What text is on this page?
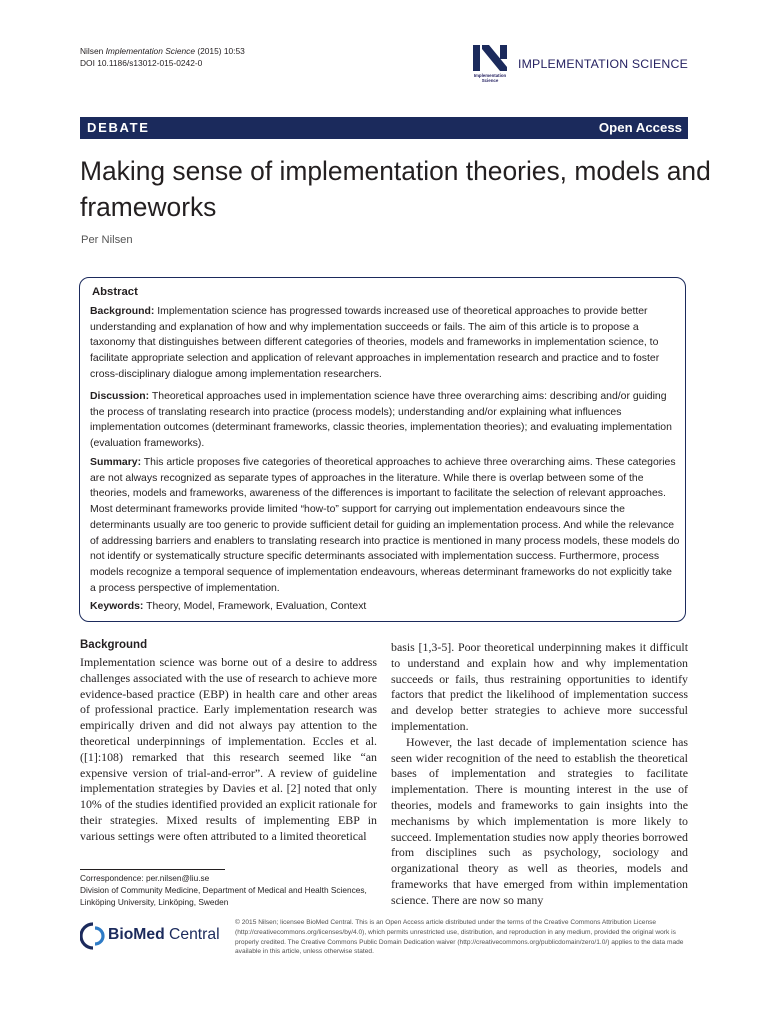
Nilsen Implementation Science (2015) 10:53
DOI 10.1186/s13012-015-0242-0
Implementation
Science
IMPLEMENTATION SCIENCE
DEBATE	Open Access
Making sense of implementation theories, models and frameworks
Per Nilsen
Abstract
Background: Implementation science has progressed towards increased use of theoretical approaches to provide better understanding and explanation of how and why implementation succeeds or fails. The aim of this article is to propose a taxonomy that distinguishes between different categories of theories, models and frameworks in implementation science, to facilitate appropriate selection and application of relevant approaches in implementation research and practice and to foster cross-disciplinary dialogue among implementation researchers.
Discussion: Theoretical approaches used in implementation science have three overarching aims: describing and/or guiding the process of translating research into practice (process models); understanding and/or explaining what influences implementation outcomes (determinant frameworks, classic theories, implementation theories); and evaluating implementation (evaluation frameworks).
Summary: This article proposes five categories of theoretical approaches to achieve three overarching aims. These categories are not always recognized as separate types of approaches in the literature. While there is overlap between some of the theories, models and frameworks, awareness of the differences is important to facilitate the selection of relevant approaches. Most determinant frameworks provide limited “how-to” support for carrying out implementation endeavours since the determinants usually are too generic to provide sufficient detail for guiding an implementation process. And while the relevance of addressing barriers and enablers to translating research into practice is mentioned in many process models, these models do not identify or systematically structure specific determinants associated with implementation success. Furthermore, process models recognize a temporal sequence of implementation endeavours, whereas determinant frameworks do not explicitly take a process perspective of implementation.
Keywords: Theory, Model, Framework, Evaluation, Context
Background

Implementation science was borne out of a desire to address challenges associated with the use of research to achieve more evidence-based practice (EBP) in health care and other areas of professional practice. Early implementation research was empirically driven and did not always pay attention to the theoretical underpinnings of implementation. Eccles et al. ([1]:108) remarked that this research seemed like “an expensive version of trial-and-error”. A review of guideline implementation strategies by Davies et al. [2] noted that only 10% of the studies identified provided an explicit rationale for their strategies. Mixed results of implementing EBP in various settings were often attributed to a limited theoretical

basis [1,3-5]. Poor theoretical underpinning makes it difficult to understand and explain how and why implementation succeeds or fails, thus restraining opportunities to identify factors that predict the likelihood of implementation success and develop better strategies to achieve more successful implementation.

However, the last decade of implementation science has seen wider recognition of the need to establish the theoretical bases of implementation and strategies to facilitate implementation. There is mounting interest in the use of theories, models and frameworks to gain insights into the mechanisms by which implementation is more likely to succeed. Implementation studies now apply theories borrowed from disciplines such as psychology, sociology and organizational theory as well as theories, models and frameworks that have emerged from within implementation science. There are now so many

Correspondence: per.nilsen@liu.se
Division of Community Medicine, Department of Medical and Health Sciences, Linköping University, Linköping, Sweden
BioMed Central
© 2015 Nilsen; licensee BioMed Central. This is an Open Access article distributed under the terms of the Creative Commons Attribution License (http://creativecommons.org/licenses/by/4.0), which permits unrestricted use, distribution, and reproduction in any medium, provided the original work is properly credited. The Creative Commons Public Domain Dedication waiver (http://creativecommons.org/publicdomain/zero/1.0/) applies to the data made available in this article, unless otherwise stated.
